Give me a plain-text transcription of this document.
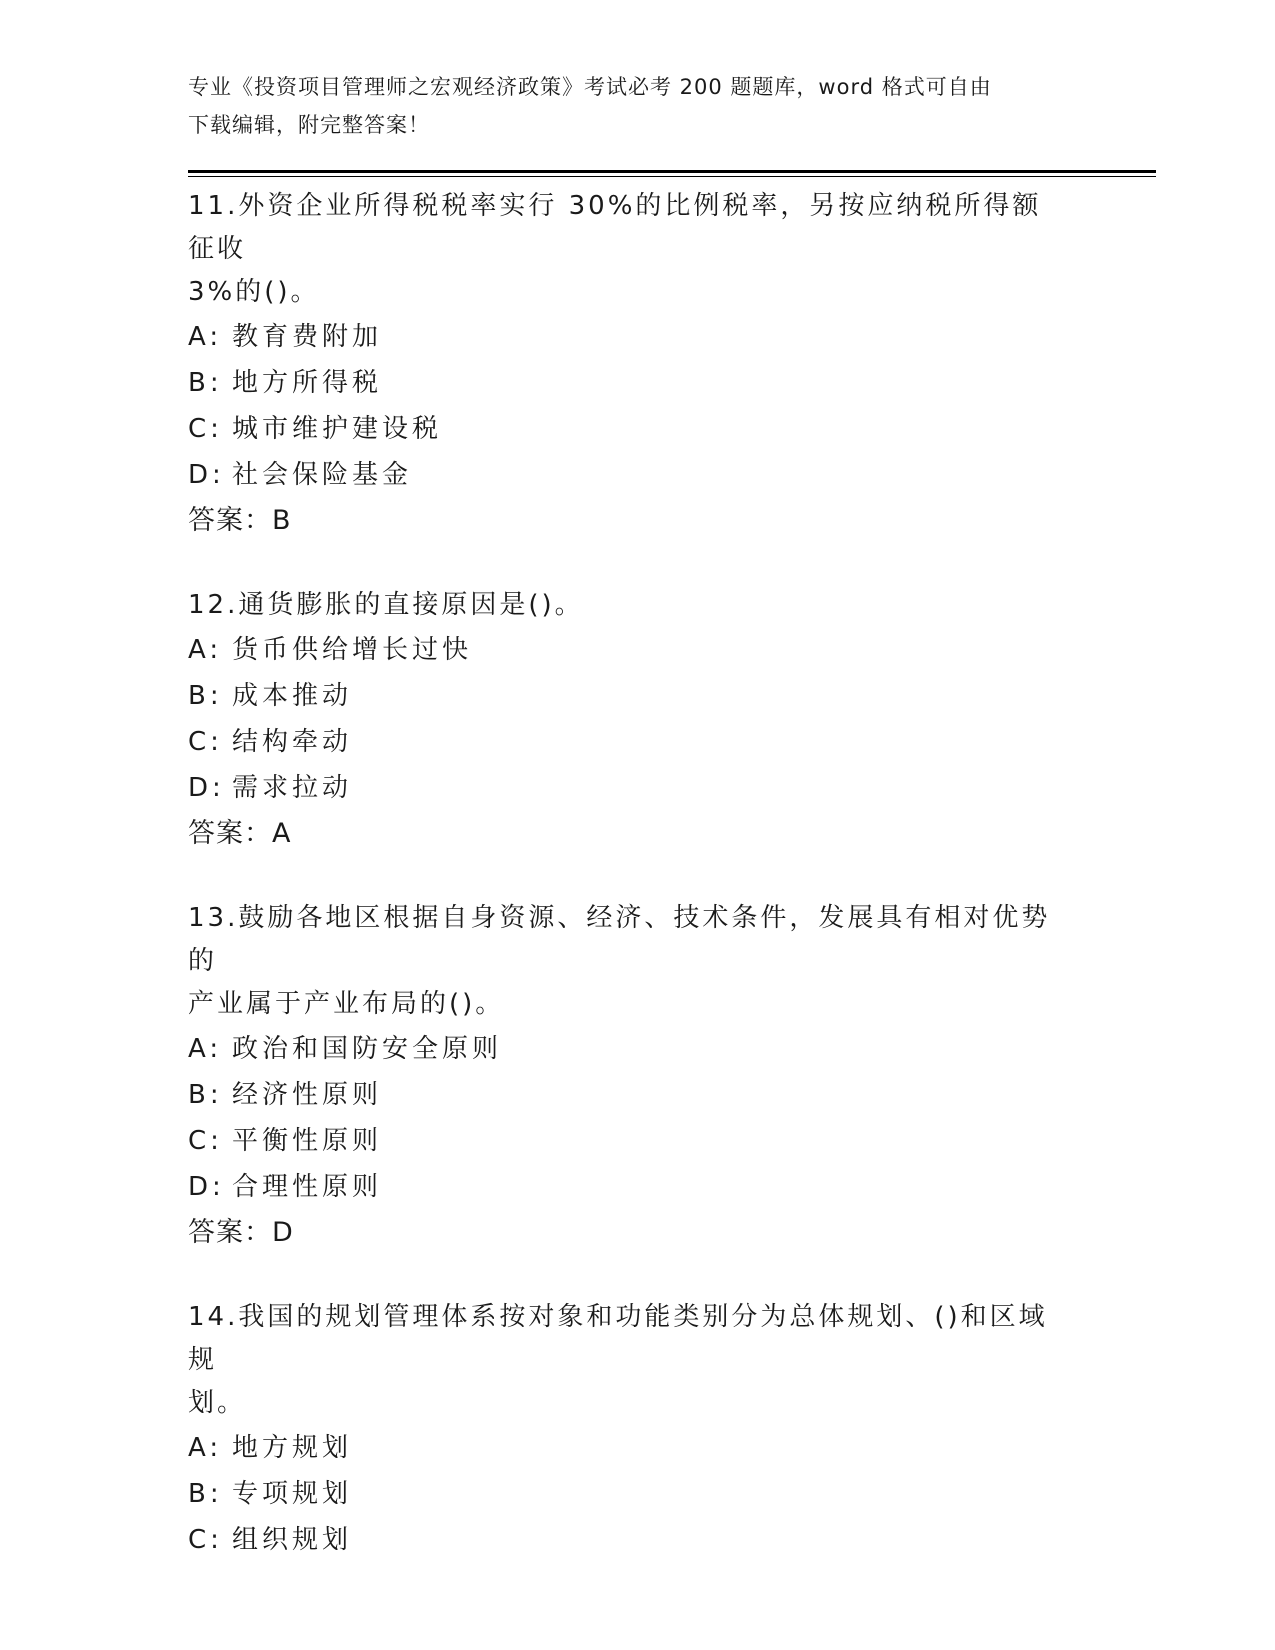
专业《投资项目管理师之宏观经济政策》考试必考 200 题题库，word 格式可自由
下载编辑，附完整答案！
11.外资企业所得税税率实行 30%的比例税率，另按应纳税所得额征收
3%的()。
A: 教育费附加
B: 地方所得税
C: 城市维护建设税
D: 社会保险基金
答案：B
12.通货膨胀的直接原因是()。
A: 货币供给增长过快
B: 成本推动
C: 结构牵动
D: 需求拉动
答案：A
13.鼓励各地区根据自身资源、经济、技术条件，发展具有相对优势的
产业属于产业布局的()。
A: 政治和国防安全原则
B: 经济性原则
C: 平衡性原则
D: 合理性原则
答案：D
14.我国的规划管理体系按对象和功能类别分为总体规划、()和区域规
划。
A: 地方规划
B: 专项规划
C: 组织规划
